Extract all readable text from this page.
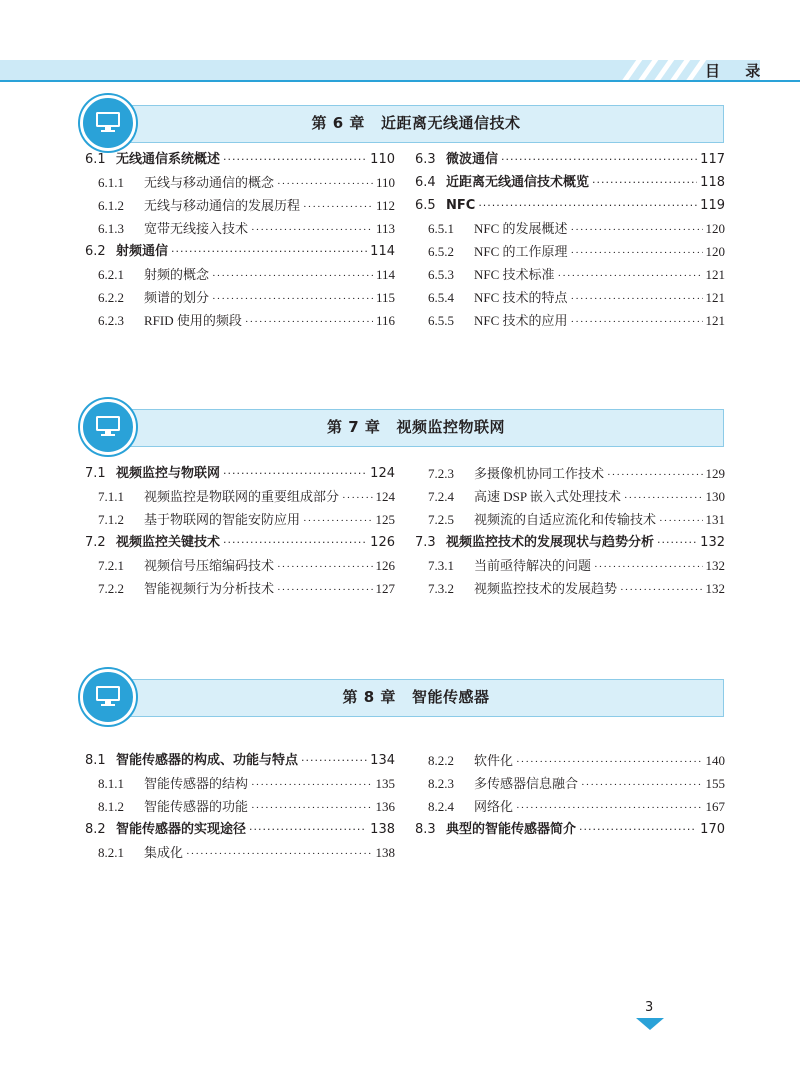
目 录
第 6 章 近距离无线通信技术
6.1 无线通信系统概述 ·····	110
6.1.1	无线与移动通信的概念 ·····	110
6.1.2	无线与移动通信的发展历程 ·····	112
6.1.3	宽带无线接入技术 ·····	113
6.2 射频通信 ·····	114
6.2.1	射频的概念 ·····	114
6.2.2	频谱的划分 ·····	115
6.2.3	RFID 使用的频段 ·····	116
6.3 微波通信 ·····	117
6.4 近距离无线通信技术概览 ·····	118
6.5 NFC ·····	119
6.5.1	NFC 的发展概述 ·····	120
6.5.2	NFC 的工作原理 ·····	120
6.5.3	NFC 技术标准 ·····	121
6.5.4	NFC 技术的特点 ·····	121
6.5.5	NFC 技术的应用 ·····	121
第 7 章 视频监控物联网
7.1 视频监控与物联网 ·····	124
7.1.1	视频监控是物联网的重要组成部分 ·····	124
7.1.2	基于物联网的智能安防应用 ·····	125
7.2 视频监控关键技术 ·····	126
7.2.1	视频信号压缩编码技术 ·····	126
7.2.2	智能视频行为分析技术 ·····	127
7.2.3	多摄像机协同工作技术 ·····	129
7.2.4	高速 DSP 嵌入式处理技术 ·····	130
7.2.5	视频流的自适应流化和传输技术 ·····	131
7.3 视频监控技术的发展现状与趋势分析 ·····	132
7.3.1	当前亟待解决的问题 ·····	132
7.3.2	视频监控技术的发展趋势 ·····	132
第 8 章 智能传感器
8.1 智能传感器的构成、功能与特点 ·····	134
8.1.1	智能传感器的结构 ·····	135
8.1.2	智能传感器的功能 ·····	136
8.2 智能传感器的实现途径 ·····	138
8.2.1	集成化 ·····	138
8.2.2	软件化 ·····	140
8.2.3	多传感器信息融合 ·····	155
8.2.4	网络化 ·····	167
8.3 典型的智能传感器简介 ·····	170
3
